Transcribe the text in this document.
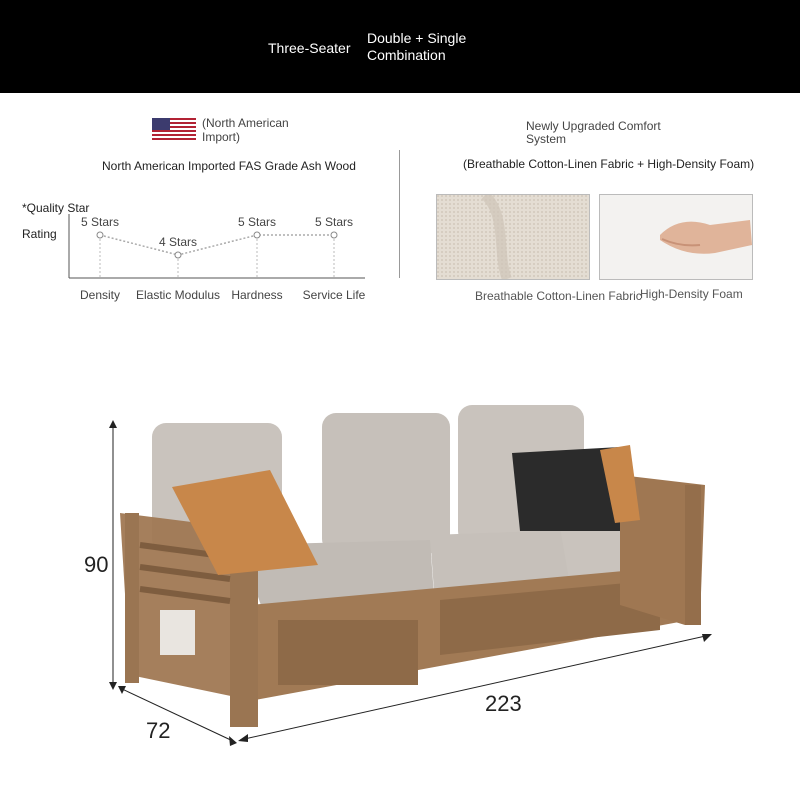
Three-Seater
Double + Single Combination
(North American Import)
North American Imported FAS Grade Ash Wood
*Quality Star Rating
5 Stars
Density
4 Stars
Elastic Modulus
5 Stars
Hardness
5 Stars
Service Life
Newly Upgraded Comfort System
(Breathable Cotton-Linen Fabric + High-Density Foam)
Breathable Cotton-Linen Fabric
High-Density Foam
90
72
223
